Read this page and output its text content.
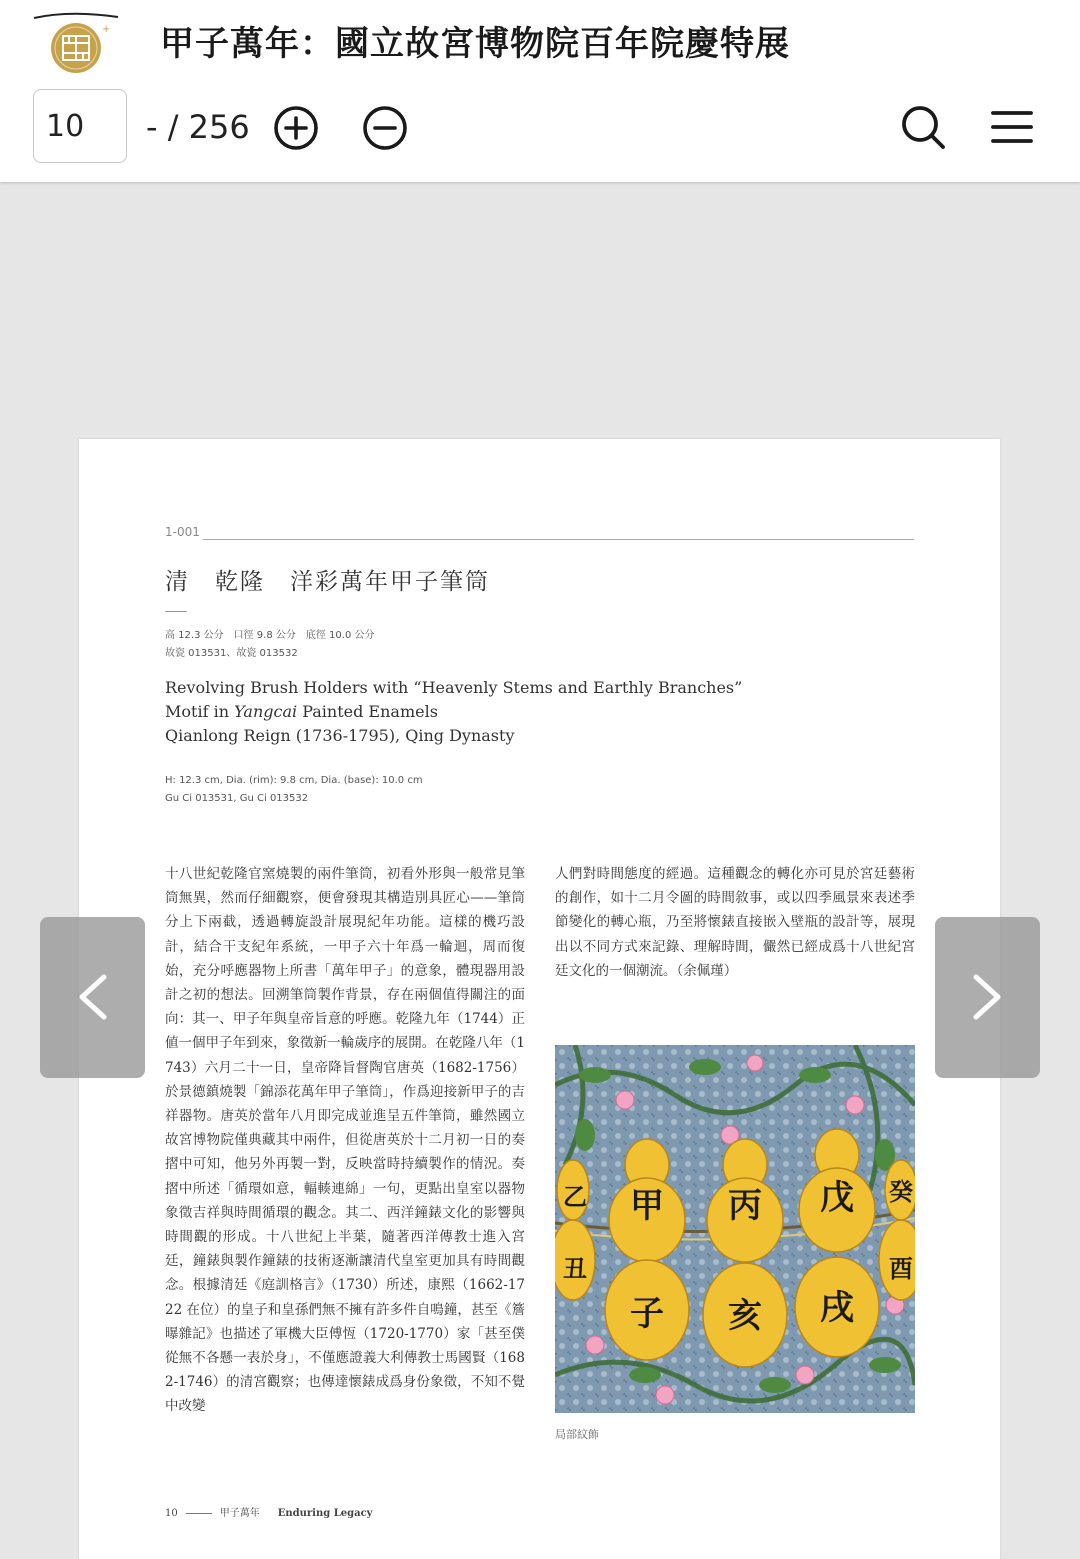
+ 甲子萬年：國立故宮博物院百年院慶特展
10
- / 256
1-001
清　乾隆　洋彩萬年甲子筆筒
高 12.3 公分　口徑 9.8 公分　底徑 10.0 公分
故瓷 013531、故瓷 013532
Revolving Brush Holders with “Heavenly Stems and Earthly Branches”
Motif in Yangcai Painted Enamels
Qianlong Reign (1736-1795), Qing Dynasty
H: 12.3 cm, Dia. (rim): 9.8 cm, Dia. (base): 10.0 cm
Gu Ci 013531, Gu Ci 013532
十八世紀乾隆官窯燒製的兩件筆筒，初看外形與一般常見筆筒無異，然而仔細觀察，便會發現其構造別具匠心——筆筒分上下兩截，透過轉旋設計展現紀年功能。這樣的機巧設計，結合干支紀年系統，一甲子六十年爲一輪迴，周而復始，充分呼應器物上所書「萬年甲子」的意象，體現器用設計之初的想法。回溯筆筒製作背景，存在兩個值得關注的面向：其一、甲子年與皇帝旨意的呼應。乾隆九年（1744）正値一個甲子年到來，象徵新一輪歲序的展開。在乾隆八年（1743）六月二十一日，皇帝降旨督陶官唐英（1682-1756）於景德鎮燒製「錦添花萬年甲子筆筒」，作爲迎接新甲子的吉祥器物。唐英於當年八月即完成並進呈五件筆筒，雖然國立故宮博物院僅典藏其中兩件，但從唐英於十二月初一日的奏摺中可知，他另外再製一對，反映當時持續製作的情況。奏摺中所述「循環如意，輻輳連綿」一句，更點出皇室以器物象徵吉祥與時間循環的觀念。其二、西洋鐘錶文化的影響與時間觀的形成。十八世紀上半葉，隨著西洋傳教士進入宮廷，鐘錶與製作鐘錶的技術逐漸讓清代皇室更加具有時間觀念。根據清廷《庭訓格言》（1730）所述，康熙（1662-1722 在位）的皇子和皇孫們無不擁有許多件自鳴鐘，甚至《簷曝雜記》也描述了軍機大臣傅恆（1720-1770）家「甚至僕從無不各懸一表於身」，不僅應證義大利傳教士馬國賢（1682-1746）的清宮觀察；也傳達懷錶成爲身份象徵，不知不覺中改變
人們對時間態度的經過。這種觀念的轉化亦可見於宮廷藝術的創作，如十二月令圖的時間敘事，或以四季風景來表述季節變化的轉心瓶，乃至將懷錶直接嵌入壁瓶的設計等，展現出以不同方式來記錄、理解時間，儼然已經成爲十八世紀宮廷文化的一個潮流。（余佩瑾）
乙 甲 丙 戊 癸
丑
子 亥 戌
酉
局部紋飾
10	甲子萬年 Enduring Legacy
